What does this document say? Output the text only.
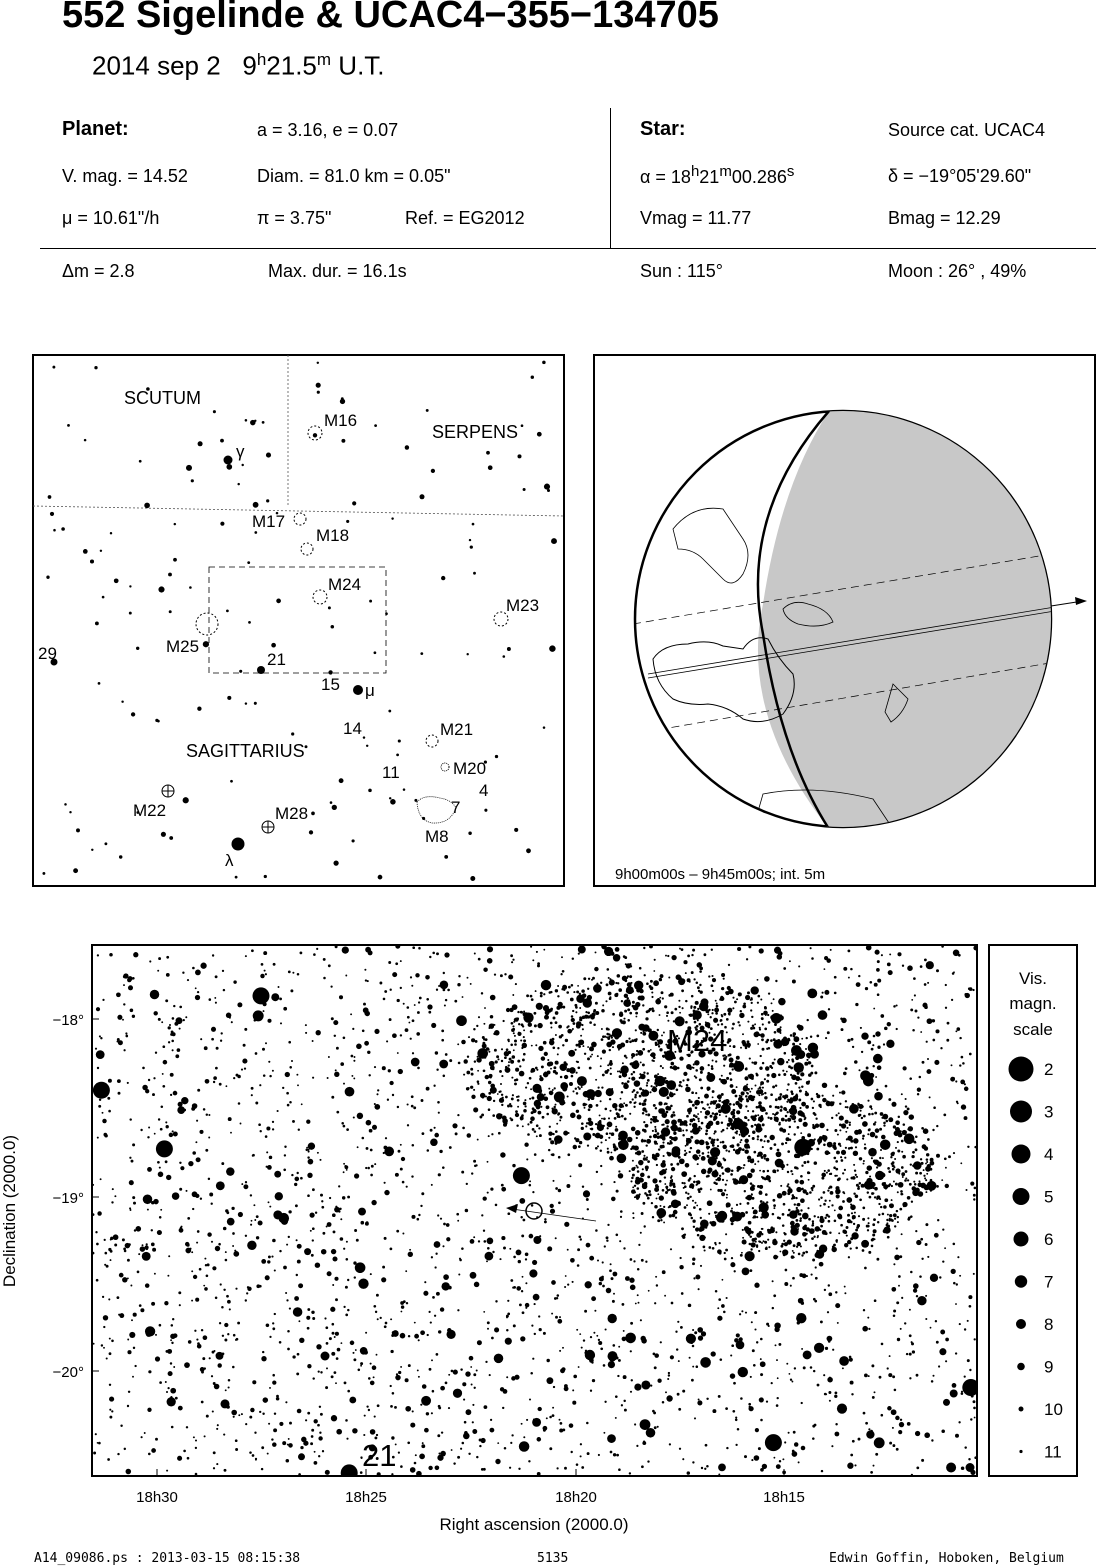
552 Sigelinde & UCAC4−355−134705
2014 sep 2 9$^h$21.5$^m$ U.T.
Planet:	a = 3.16, e = 0.07
V. mag. = 14.52	Diam. = 81.0 km = 0.05"
μ = 10.61"/h	π = 3.75"	Ref. = EG2012
Star:	Source cat. UCAC4
$\alpha = 18^h21^m00.286^s$	δ = −19°05'29.60"
Vmag = 11.77	Bmag = 12.29
Δm = 2.8	Max. dur. = 16.1s	Sun : 115°	Moon : 26° , 49%
SCUTUM
SERPENS
SAGITTARIUS
M16
M17
M18
M24
M23
M25
M21
M20
M8
M22	M28
γ
29	21
15 μ
14
11
4
7
λ
9h00m00s – 9h45m00s; int. 5m
M24
21
−18°
−19°
−20°
18h30	18h25	18h20	18h15
Right ascension (2000.0)
Declination (2000.0)
Vis.
magn.
scale
2
3
4
5
6
7
8
9
10
11
A14_09086.ps : 2013-03-15 08:15:38	5135	Edwin Goffin, Hoboken, Belgium
